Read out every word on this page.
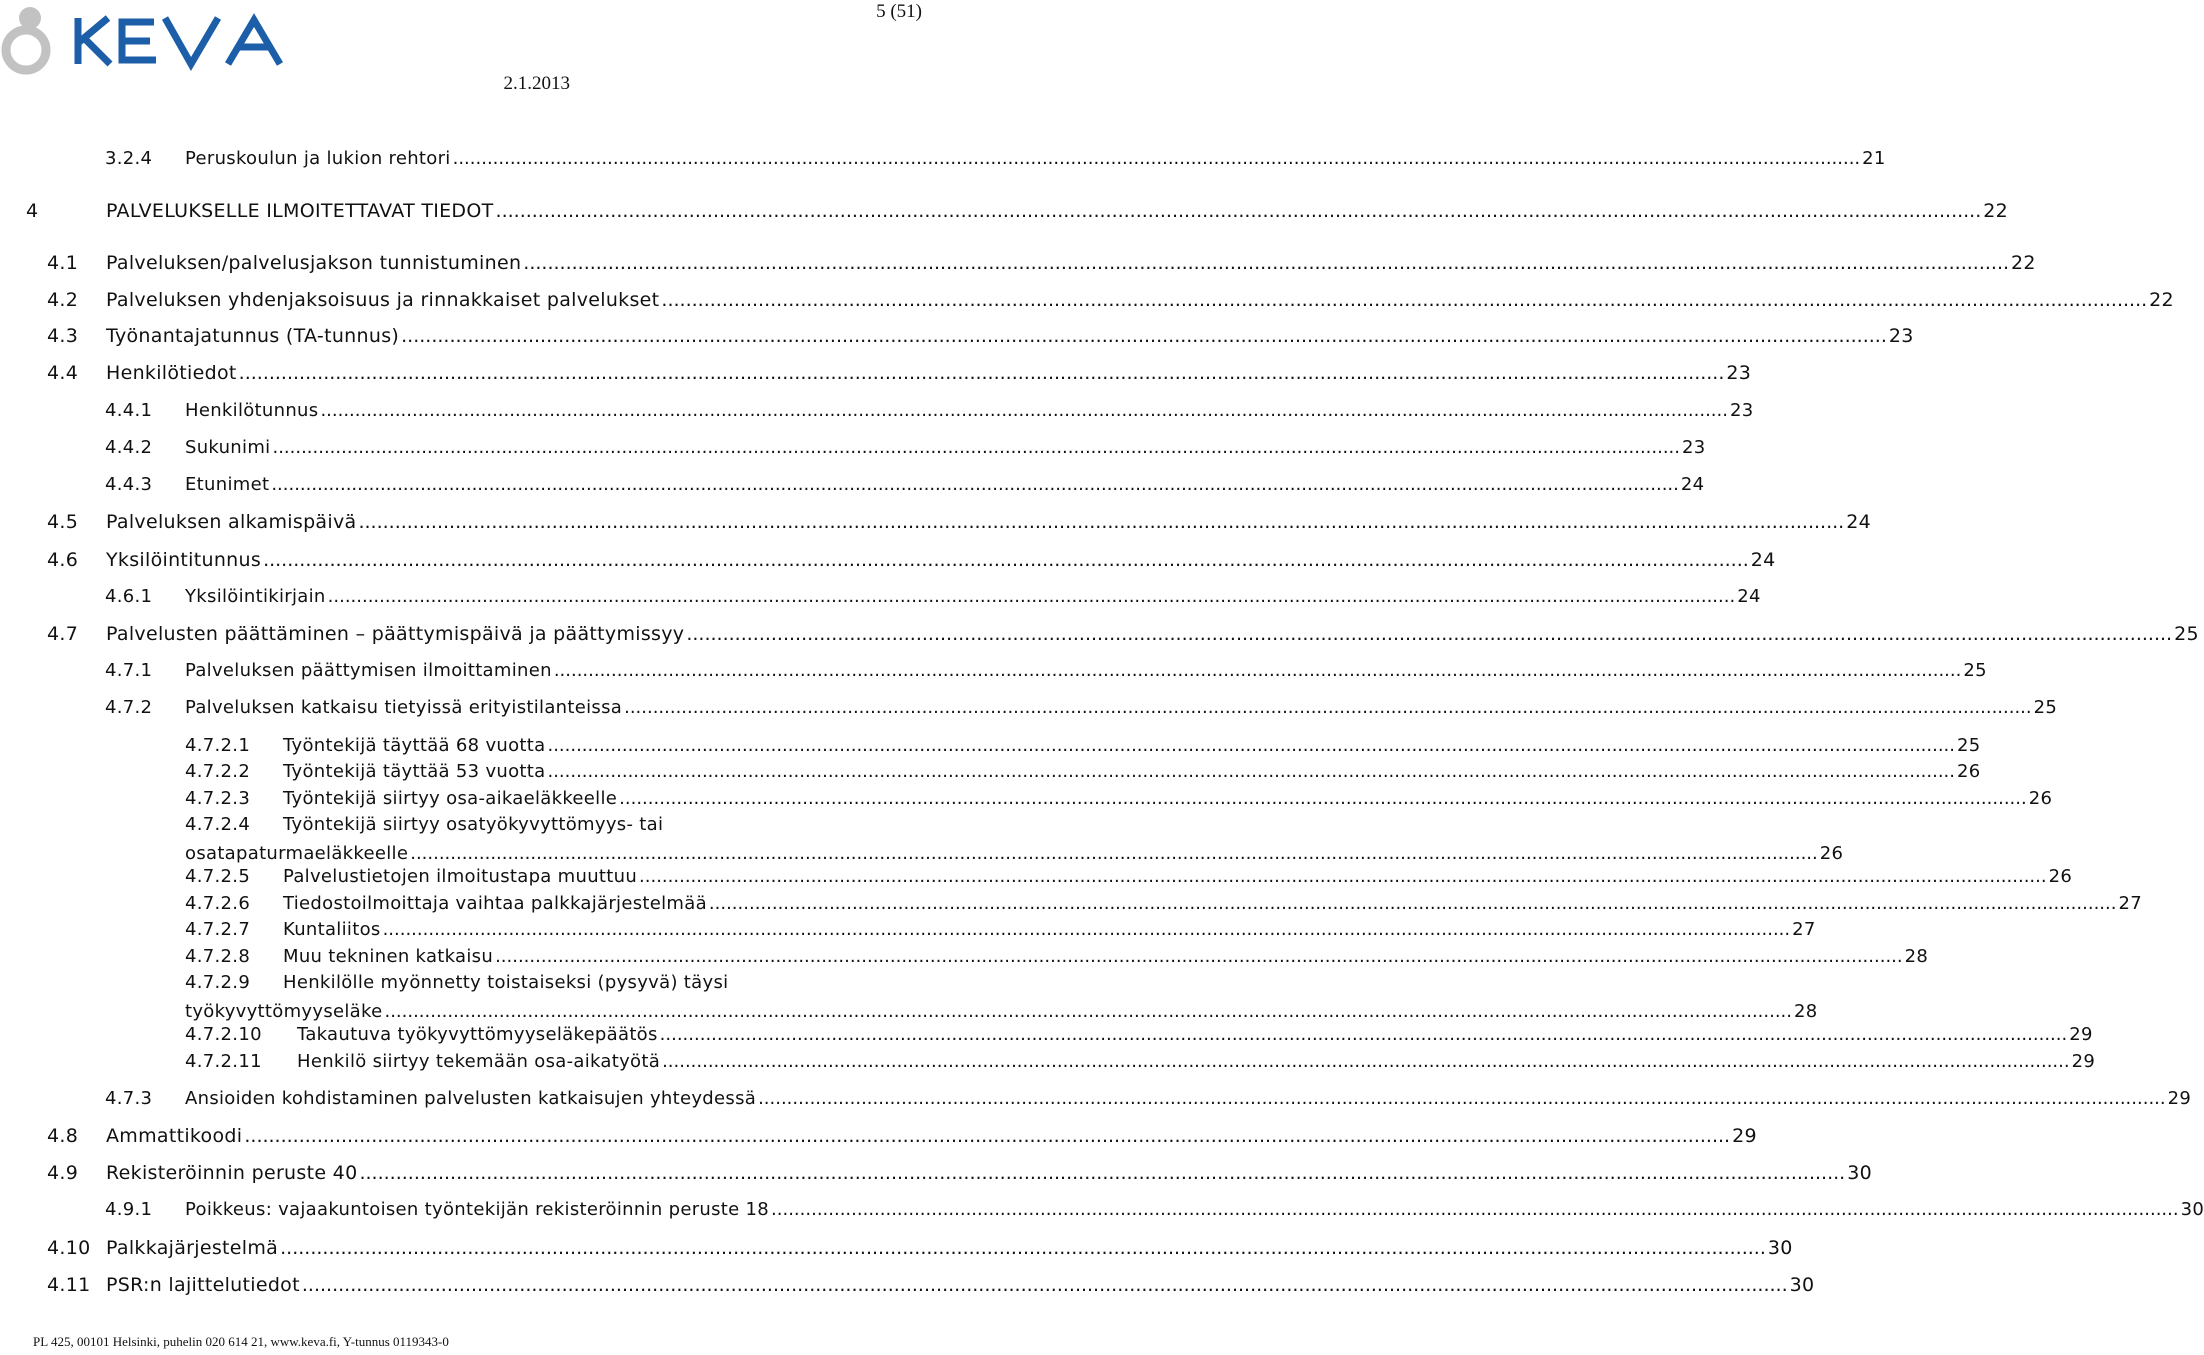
5 (51)
2.1.2013
3.2.4	Peruskoulun ja lukion rehtori .....	21
4	PALVELUKSELLE ILMOITETTAVAT TIEDOT .....	22
4.1	Palveluksen/palvelusjakson tunnistuminen .....	22
4.2	Palveluksen yhdenjaksoisuus ja rinnakkaiset palvelukset .....	22
4.3	Työnantajatunnus (TA-tunnus) .....	23
4.4	Henkilötiedot .....	23
4.4.1	Henkilötunnus .....	23
4.4.2	Sukunimi .....	23
4.4.3	Etunimet .....	24
4.5	Palveluksen alkamispäivä .....	24
4.6	Yksilöintitunnus .....	24
4.6.1	Yksilöintikirjain .....	24
4.7	Palvelusten päättäminen – päättymispäivä ja päättymissyy .....	25
4.7.1	Palveluksen päättymisen ilmoittaminen .....	25
4.7.2	Palveluksen katkaisu tietyissä erityistilanteissa .....	25
4.7.2.1	Työntekijä täyttää 68 vuotta .....	25
4.7.2.2	Työntekijä täyttää 53 vuotta .....	26
4.7.2.3	Työntekijä siirtyy osa-aikaeläkkeelle .....	26
4.7.2.4	Työntekijä siirtyy osatyökyvyttömyys- tai
osatapaturmaeläkkeelle .....	26
4.7.2.5	Palvelustietojen ilmoitustapa muuttuu .....	26
4.7.2.6	Tiedostoilmoittaja vaihtaa palkkajärjestelmää .....	27
4.7.2.7	Kuntaliitos .....	27
4.7.2.8	Muu tekninen katkaisu .....	28
4.7.2.9	Henkilölle myönnetty toistaiseksi (pysyvä) täysi
työkyvyttömyyseläke .....	28
4.7.2.10	Takautuva työkyvyttömyyseläkepäätös .....	29
4.7.2.11	Henkilö siirtyy tekemään osa-aikatyötä .....	29
4.7.3	Ansioiden kohdistaminen palvelusten katkaisujen yhteydessä .....	29
4.8	Ammattikoodi .....	29
4.9	Rekisteröinnin peruste 40 .....	30
4.9.1	Poikkeus: vajaakuntoisen työntekijän rekisteröinnin peruste 18 .....	30
4.10 Palkkajärjestelmä .....	30
4.11 PSR:n lajittelutiedot .....	30
PL 425, 00101 Helsinki, puhelin 020 614 21, www.keva.fi, Y-tunnus 0119343-0
